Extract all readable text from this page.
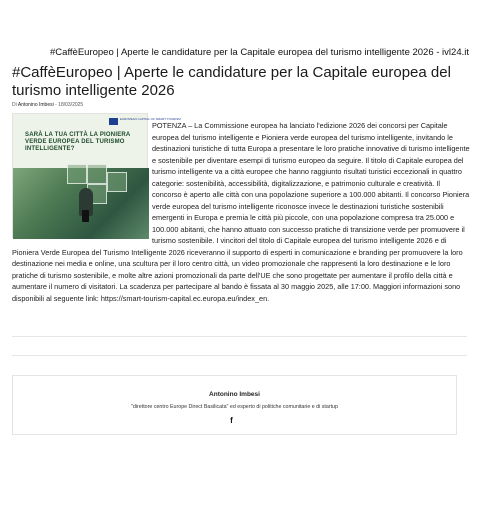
#CaffèEuropeo | Aperte le candidature per la Capitale europea del turismo intelligente 2026 - ivl24.it
#CaffèEuropeo | Aperte le candidature per la Capitale europea del turismo intelligente 2026
Di Antonino Imbesi - 18/03/2025
EUROPEAN CAPITAL OF SMART TOURISM
SARÀ LA TUA CITTÀ LA PIONIERA VERDE EUROPEA DEL TURISMO INTELLIGENTE?

POTENZA – La Commissione europea ha lanciato l'edizione 2026 dei concorsi per Capitale europea del turismo intelligente e Pioniera verde europea del turismo intelligente, invitando le destinazioni turistiche di tutta Europa a presentare le loro pratiche innovative di turismo intelligente e sostenibile per diventare esempi di turismo europeo da seguire. Il titolo di Capitale europea del turismo intelligente va a città europee che hanno raggiunto risultati turistici eccezionali in quattro categorie: sostenibilità, accessibilità, digitalizzazione, e patrimonio culturale e creatività. Il concorso è aperto alle città con una popolazione superiore a 100.000 abitanti. Il concorso Pioniera verde europea del turismo intelligente riconosce invece le destinazioni turistiche sostenibili emergenti in Europa e premia le città più piccole, con una popolazione compresa tra 25.000 e 100.000 abitanti, che hanno attuato con successo pratiche di transizione verde per promuovere il turismo sostenibile. I vincitori del titolo di Capitale europea del turismo intelligente 2026 e di Pioniera Verde Europea del Turismo Intelligente 2026 riceveranno il supporto di esperti in comunicazione e branding per promuovere la loro destinazione nei media e online, una scultura per il loro centro città, un video promozionale che rappresenti la loro destinazione e le loro pratiche di turismo sostenibile, e molte altre azioni promozionali da parte dell'UE che sono progettate per aumentare il profilo della città e aumentare il numero di visitatori. La scadenza per partecipare al bando è fissata al 30 maggio 2025, alle 17:00. Maggiori informazioni sono disponibili al seguente link: https://smart-tourism-capital.ec.europa.eu/index_en.

Antonino Imbesi
"direttore centro Europe Direct Basilicata" ed esperto di politiche comunitarie e di startup
f
